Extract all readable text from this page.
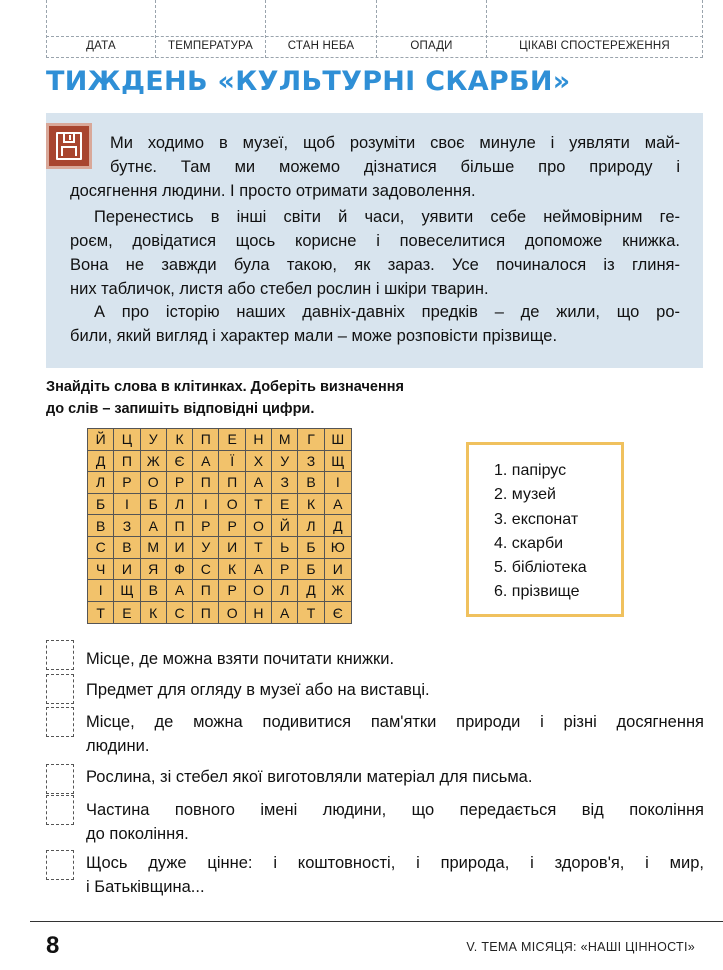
ДАТА	ТЕМПЕРАТУРА	СТАН НЕБА	ОПАДИ	ЦІКАВІ СПОСТЕРЕЖЕННЯ
ТИЖДЕНЬ «КУЛЬТУРНІ СКАРБИ»

Ми ходимо в музеї, щоб розуміти своє минуле і уявляти май-
бутнє. Там ми можемо дізнатися більше про природу і
досягнення людини. І просто отримати задоволення.

Перенестись в інші світи й часи, уявити себе неймовірним ге-
роєм, довідатися щось корисне і повеселитися допоможе книжка.
Вона не завжди була такою, як зараз. Усе починалося із глиня-
них табличок, листя або стебел рослин і шкіри тварин.

А про історію наших давніх-давніх предків – де жили, що ро-
били, який вигляд і характер мали – може розповісти прізвище.

Знайдіть слова в клітинках. Доберіть визначення
до слів – запишіть відповідні цифри.

Й	Ц	У	К	П	Е	Н	М	Г	Ш
Д	П	Ж	Є	А	Ї	Х	У	З	Щ
Л	Р	О	Р	П	П	А	З	В	І
Б	І	Б	Л	І	О	Т	Е	К	А
В	З	А	П	Р	Р	О	Й	Л	Д
С	В	М	И	У	И	Т	Ь	Б	Ю
Ч	И	Я	Ф	С	К	А	Р	Б	И
І	Щ	В	А	П	Р	О	Л	Д	Ж
Т	Е	К	С	П	О	Н	А	Т	Є
1. папірус
2. музей
3. експонат
4. скарби
5. бібліотека
6. прізвище

Місце, де можна взяти почитати книжки.

Предмет для огляду в музеї або на виставці.

Місце, де можна подивитися пам'ятки природи і різні досягнення
людини.

Рослина, зі стебел якої виготовляли матеріал для письма.

Частина повного імені людини, що передається від покоління
до покоління.

Щось дуже цінне: і коштовності, і природа, і здоров'я, і мир,
і Батьківщина...

8	V. ТЕМА МІСЯЦЯ: «НАШІ ЦІННОСТІ»
